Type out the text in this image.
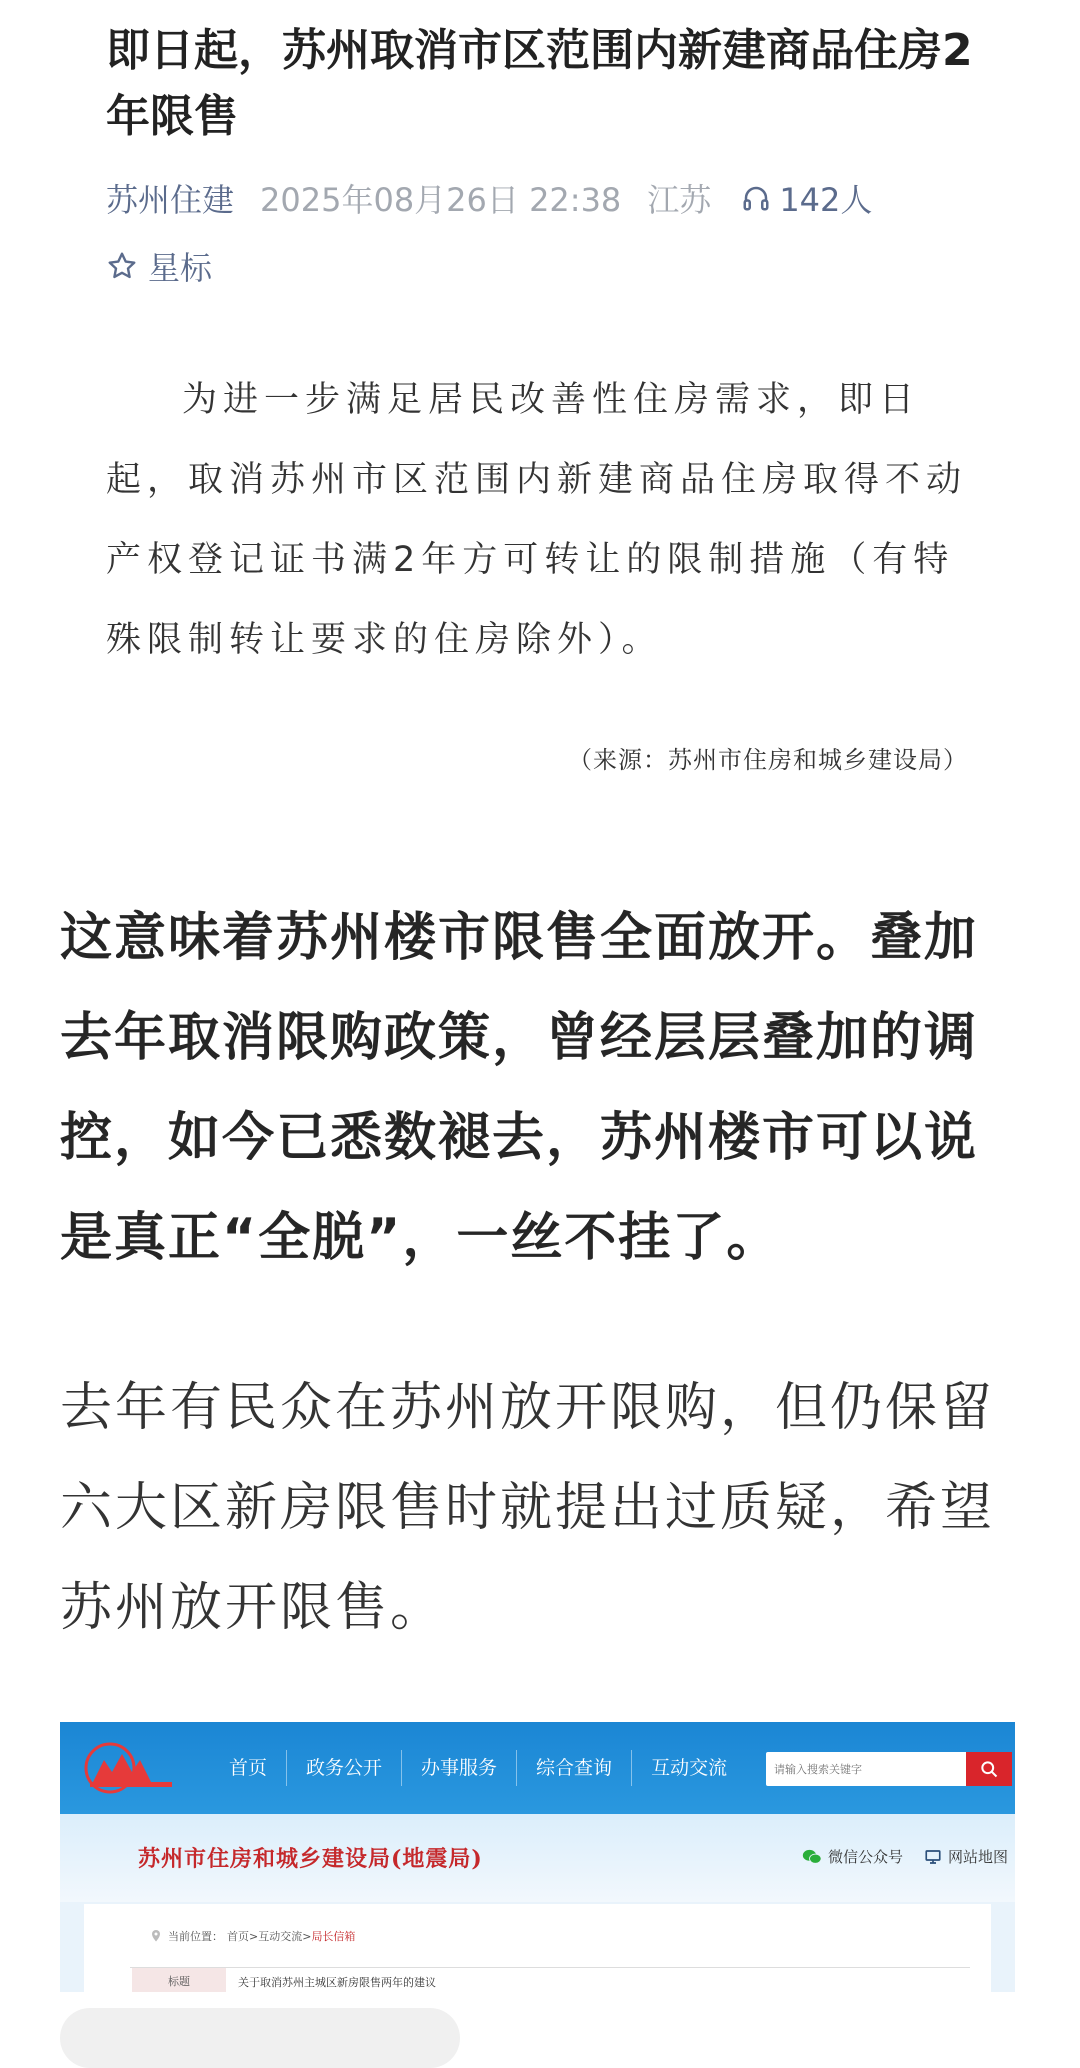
即日起，苏州取消市区范围内新建商品住房2年限售
苏州住建 2025年08月26日 22:38 江苏 142人
星标

为进一步满足居民改善性住房需求，即日起，取消苏州市区范围内新建商品住房取得不动产权登记证书满2年方可转让的限制措施（有特殊限制转让要求的住房除外）。

（来源：苏州市住房和城乡建设局）

这意味着苏州楼市限售全面放开。叠加去年取消限购政策，曾经层层叠加的调控，如今已悉数褪去，苏州楼市可以说是真正“全脱”，一丝不挂了。

去年有民众在苏州放开限购，但仍保留六大区新房限售时就提出过质疑，希望苏州放开限售。

首页	政务公开	办事服务	综合查询	互动交流
请输入搜索关键字
苏州市住房和城乡建设局(地震局)	微信公众号	网站地图
当前位置： 首页>互动交流> 局长信箱
标题	关于取消苏州主城区新房限售两年的建议
